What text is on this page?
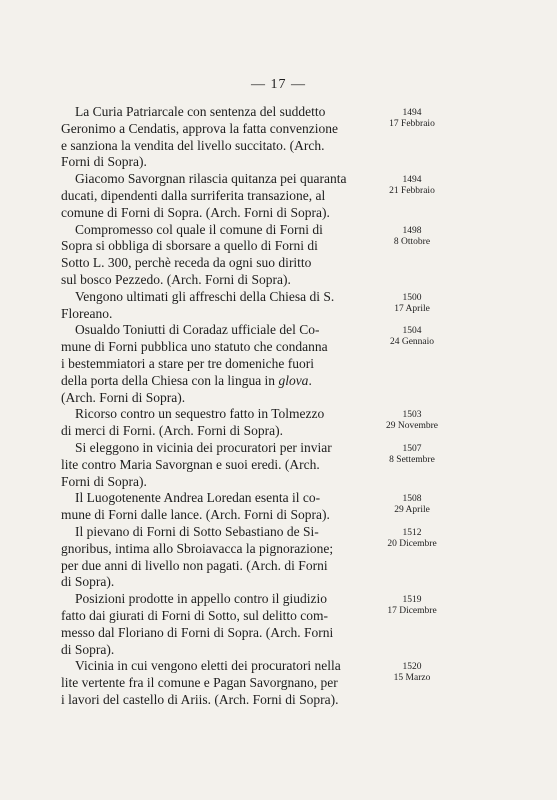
— 17 —
La Curia Patriarcale con sentenza del suddetto
Geronimo a Cendatis, approva la fatta convenzione
e sanziona la vendita del livello succitato. (Arch.
Forni di Sopra).
1494
17 Febbraio
Giacomo Savorgnan rilascia quitanza pei quaranta
ducati, dipendenti dalla surriferita transazione, al
comune di Forni di Sopra. (Arch. Forni di Sopra).
1494
21 Febbraio
Compromesso col quale il comune di Forni di
Sopra si obbliga di sborsare a quello di Forni di
Sotto L. 300, perchè receda da ogni suo diritto
sul bosco Pezzedo. (Arch. Forni di Sopra).
1498
8 Ottobre
Vengono ultimati gli affreschi della Chiesa di S.
Floreano.
1500
17 Aprile
Osualdo Toniutti di Coradaz ufficiale del Co-
mune di Forni pubblica uno statuto che condanna
i bestemmiatori a stare per tre domeniche fuori
della porta della Chiesa con la lingua in glova.
(Arch. Forni di Sopra).
1504
24 Gennaio
Ricorso contro un sequestro fatto in Tolmezzo
di merci di Forni. (Arch. Forni di Sopra).
1503
29 Novembre
Si eleggono in vicinia dei procuratori per inviar
lite contro Maria Savorgnan e suoi eredi. (Arch.
Forni di Sopra).
1507
8 Settembre
Il Luogotenente Andrea Loredan esenta il co-
mune di Forni dalle lance. (Arch. Forni di Sopra).
1508
29 Aprile
Il pievano di Forni di Sotto Sebastiano de Si-
gnoribus, intima allo Sbroiavacca la pignorazione;
per due anni di livello non pagati. (Arch. di Forni
di Sopra).
1512
20 Dicembre
Posizioni prodotte in appello contro il giudizio
fatto dai giurati di Forni di Sotto, sul delitto com-
messo dal Floriano di Forni di Sopra. (Arch. Forni
di Sopra).
1519
17 Dicembre
Vicinia in cui vengono eletti dei procuratori nella
lite vertente fra il comune e Pagan Savorgnano, per
i lavori del castello di Ariis. (Arch. Forni di Sopra).
1520
15 Marzo
